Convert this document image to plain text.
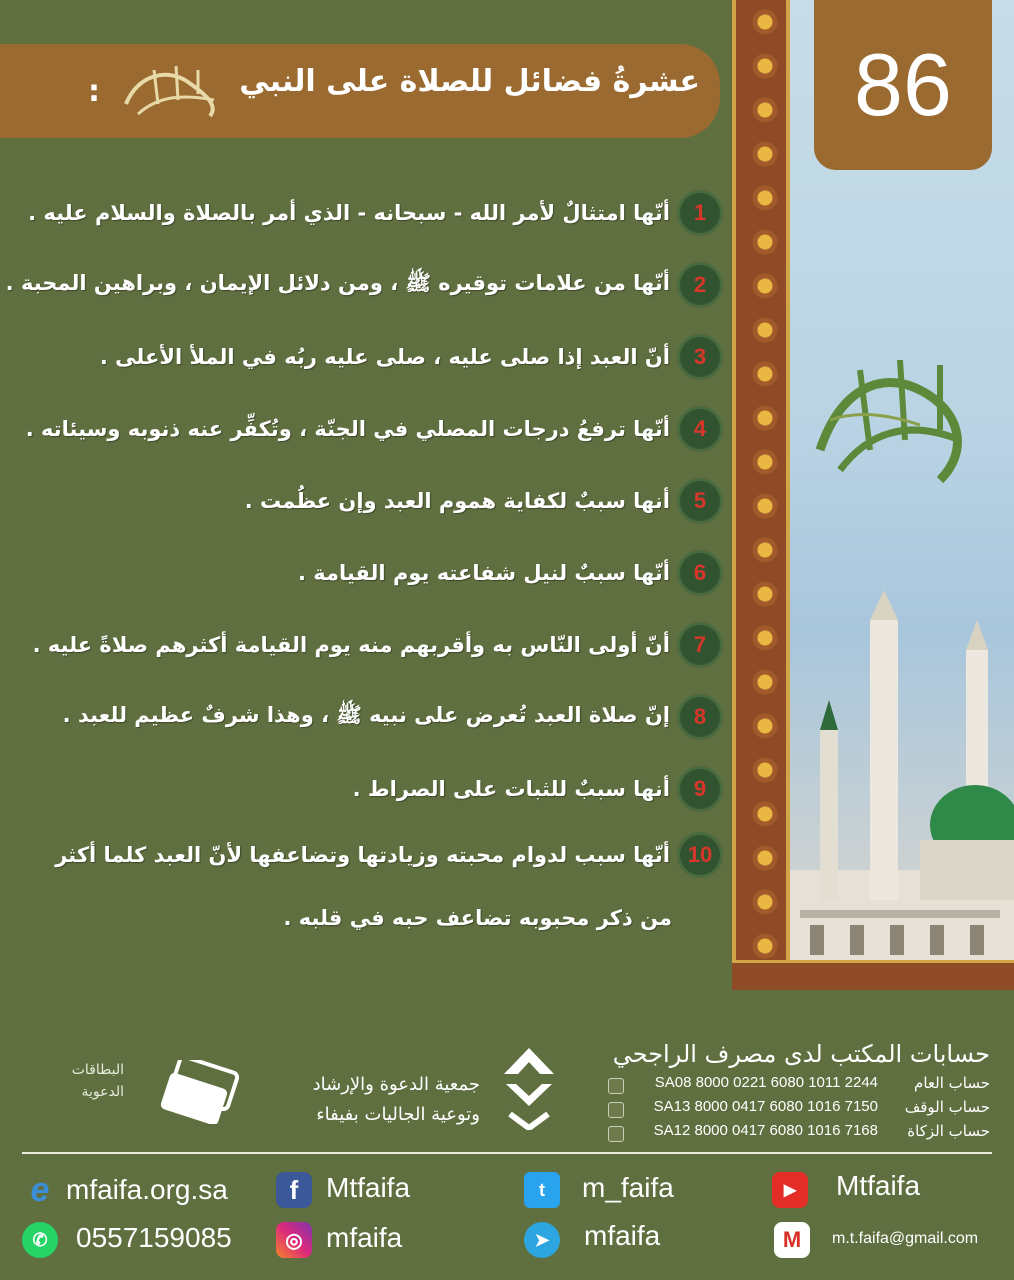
86
عشرةُ فضائل للصلاة على النبي
:
1
أنّها امتثالٌ لأمر الله - سبحانه - الذي أمر بالصلاة والسلام عليه .
2
أنّها من علامات توقيره ﷺ ، ومن دلائل الإيمان ، وبراهين المحبة .
3
أنّ العبد إذا صلى عليه ، صلى عليه ربُه في الملأ الأعلى .
4
أنّها ترفعُ درجات المصلي في الجنّة ، وتُكفِّر عنه ذنوبه وسيئاته .
5
أنها سببٌ لكفاية هموم العبد وإن عظُمت .
6
أنّها سببٌ لنيل شفاعته يوم القيامة .
7
أنّ أولى النّاس به وأقربهم منه يوم القيامة أكثرهم صلاةً عليه .
8
إنّ صلاة العبد تُعرض على نبيه ﷺ ، وهذا شرفٌ عظيم للعبد .
9
أنها سببٌ للثبات على الصراط .
10
أنّها سبب لدوام محبته وزيادتها وتضاعفها لأنّ العبد كلما أكثر
من ذكر محبوبه تضاعف حبه في قلبه .
حسابات المكتب لدى مصرف الراجحي
حساب العام
SA08 8000 0221 6080 1011 2244
حساب الوقف
SA13 8000 0417 6080 1016 7150
حساب الزكاة
SA12 8000 0417 6080 1016 7168
جمعية الدعوة والإرشاد
وتوعية الجاليات بفيفاء
البطاقات
الدعوية
e mfaifa.org.sa	f Mtfaifa	t	m_faifa	▶	Mtfaifa
✆	0557159085	◎ mfaifa	➤	mfaifa	M	m.t.faifa@gmail.com
